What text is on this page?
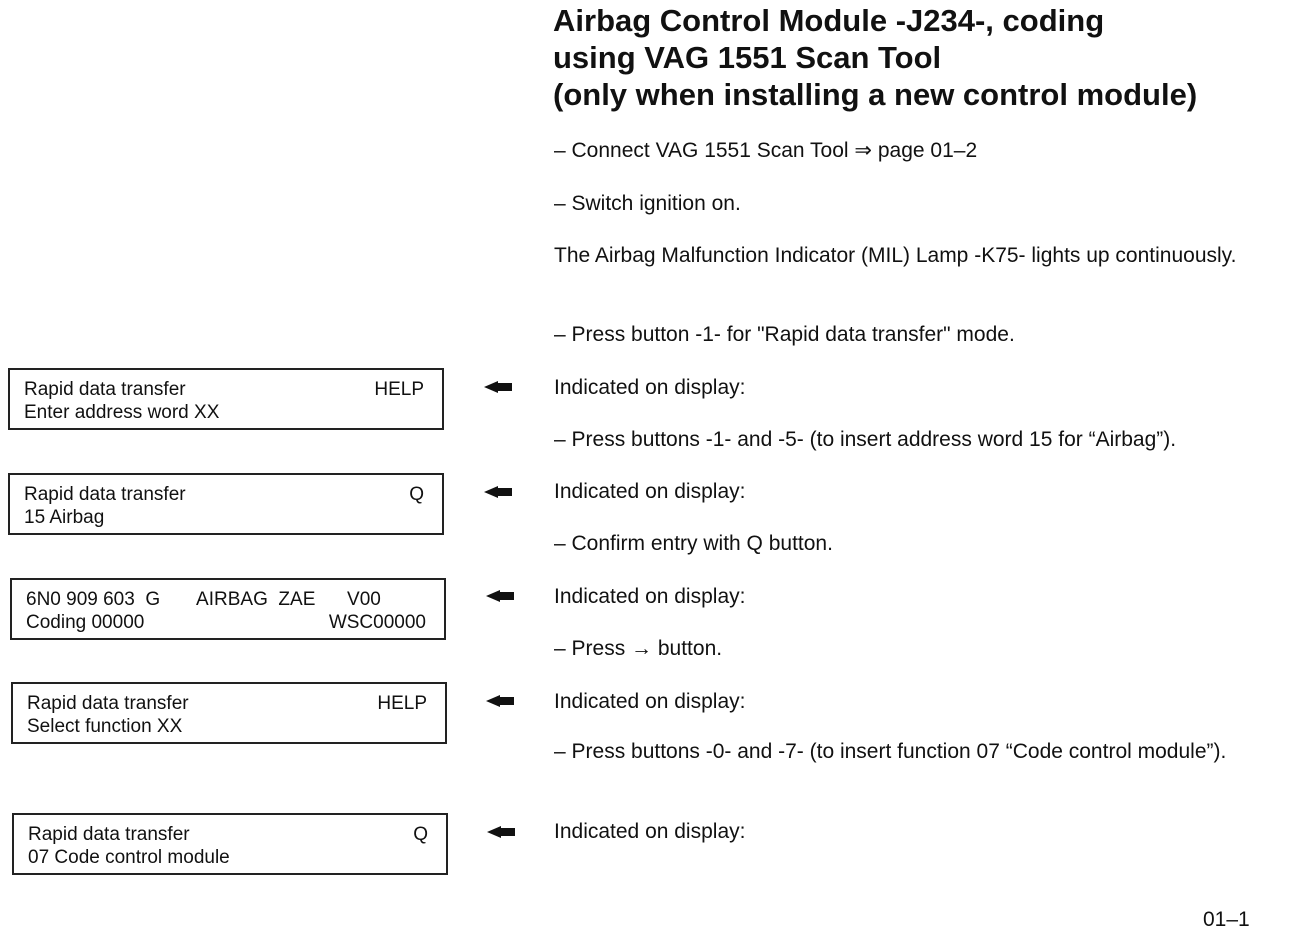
Airbag Control Module -J234-, coding
using VAG 1551 Scan Tool
(only when installing a new control module)
– Connect VAG 1551 Scan Tool ⇒ page 01–2
– Switch ignition on.
The Airbag Malfunction Indicator (MIL) Lamp -K75- lights up continuously.
– Press button -1- for "Rapid data transfer" mode.
Indicated on display:
– Press buttons -1- and -5- (to insert address word 15 for “Airbag”).
Indicated on display:
– Confirm entry with Q button.
Indicated on display:
– Press → button.
Indicated on display:
– Press buttons -0- and -7- (to insert function 07 “Code control module”).
Indicated on display:
Rapid data transfer	HELP
Enter address word XX
Rapid data transfer	Q
15 Airbag
6N0 909 603  G       AIRBAG  ZAE      V00
Coding 00000	WSC00000
Rapid data transfer	HELP
Select function XX
Rapid data transfer	Q
07 Code control module
01–1
